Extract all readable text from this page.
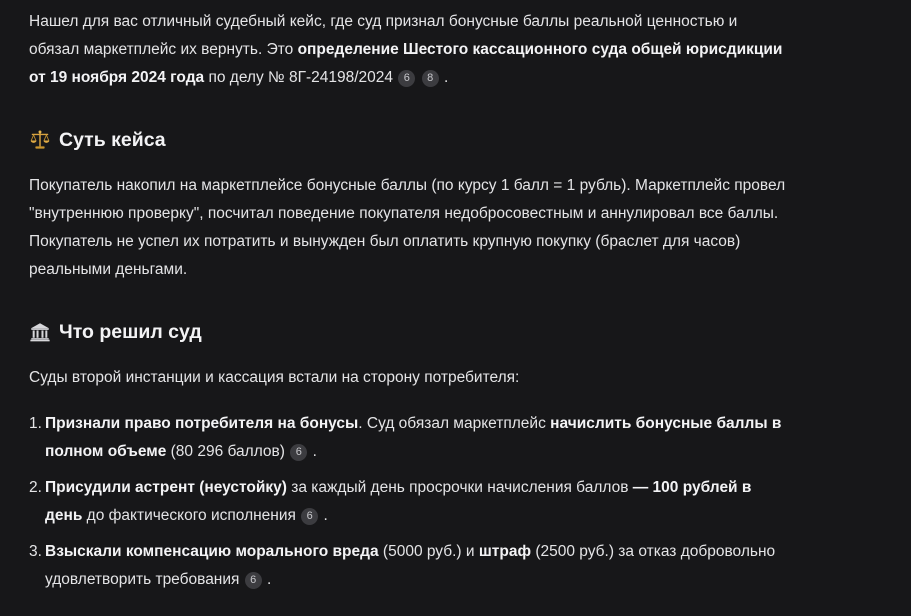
Нашел для вас отличный судебный кейс, где суд признал бонусные баллы реальной ценностью и обязал маркетплейс их вернуть. Это определение Шестого кассационного суда общей юрисдикции от 19 ноября 2024 года по делу № 8Г-24198/2024 6 8 .

Суть кейса

Покупатель накопил на маркетплейсе бонусные баллы (по курсу 1 балл = 1 рубль). Маркетплейс провел "внутреннюю проверку", посчитал поведение покупателя недобросовестным и аннулировал все баллы. Покупатель не успел их потратить и вынужден был оплатить крупную покупку (браслет для часов) реальными деньгами.

Что решил суд

Суды второй инстанции и кассация встали на сторону потребителя:

1. Признали право потребителя на бонусы. Суд обязал маркетплейс начислить бонусные баллы в полном объеме (80 296 баллов) 6 .
2. Присудили астрент (неустойку) за каждый день просрочки начисления баллов — 100 рублей в день до фактического исполнения 6 .
3. Взыскали компенсацию морального вреда (5000 руб.) и штраф (2500 руб.) за отказ добровольно удовлетворить требования 6 .
